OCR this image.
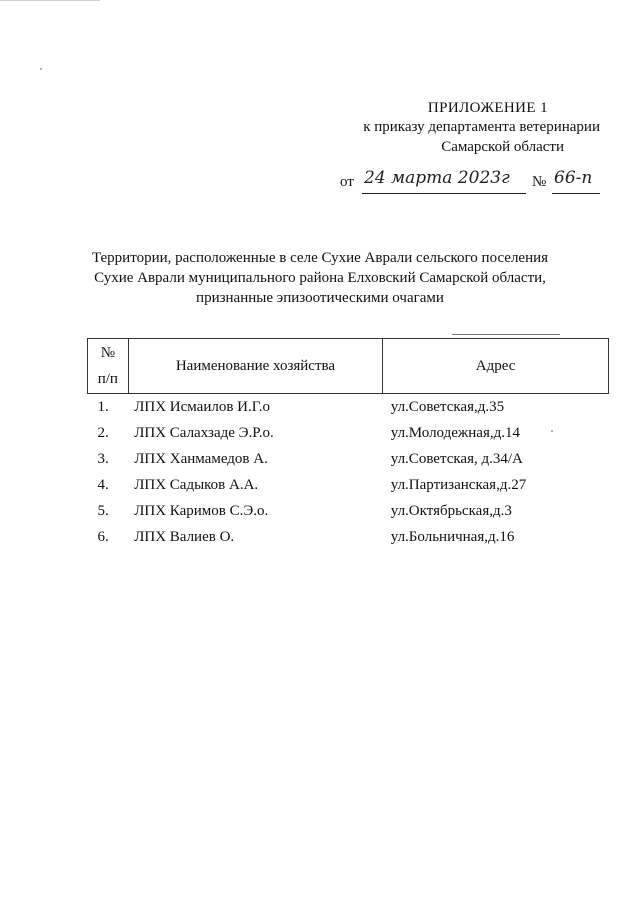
ПРИЛОЖЕНИЕ 1
к приказу департамента ветеринарии
Самарской области
от 24 марта 2023г № 66-п
Территории, расположенные в селе Сухие Аврали сельского поселения
Сухие Аврали муниципального района Елховский Самарской области,
признанные эпизоотическими очагами
№
п/п	Наименование хозяйства	Адрес
1.	ЛПХ Исмаилов И.Г.о	ул.Советская,д.35
2.	ЛПХ Салахзаде Э.Р.о.	ул.Молодежная,д.14
3.	ЛПХ Ханмамедов А.	ул.Советская, д.34/А
4.	ЛПХ Садыков А.А.	ул.Партизанская,д.27
5.	ЛПХ Каримов С.Э.о.	ул.Октябрьская,д.3
6.	ЛПХ Валиев О.	ул.Больничная,д.16
